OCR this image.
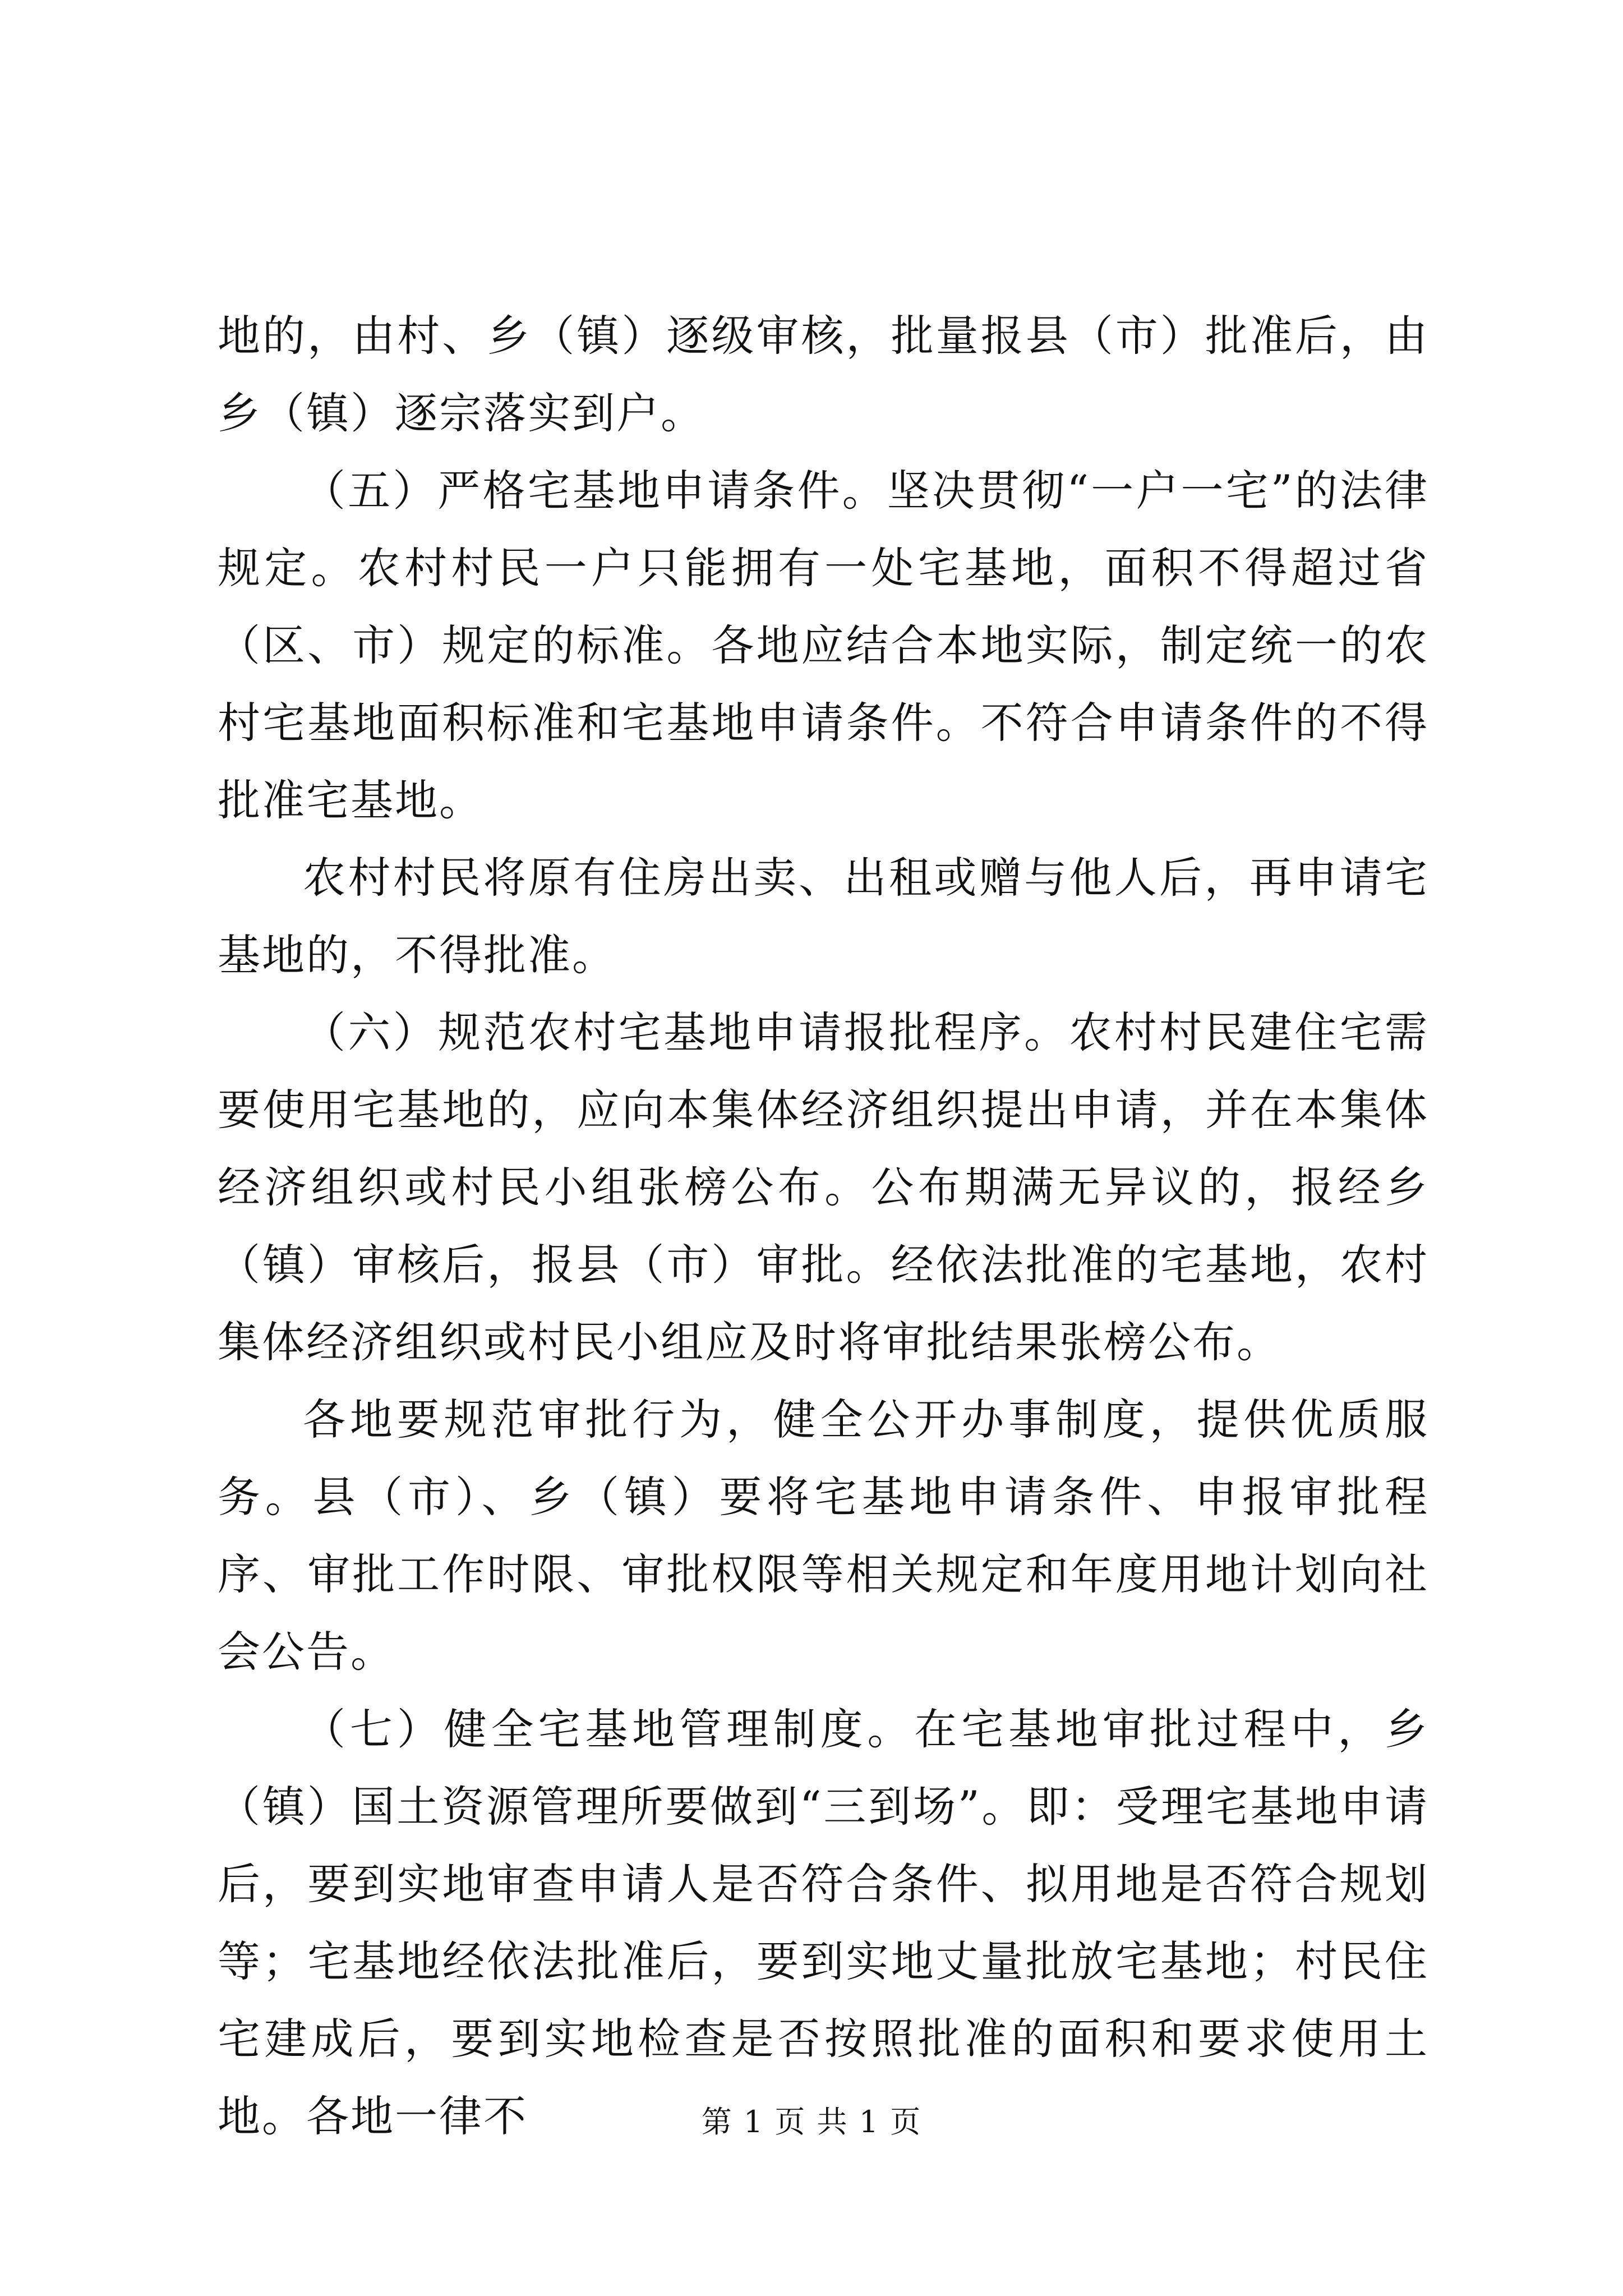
地的，由村、乡（镇）逐级审核，批量报县（市）批准后，由乡（镇）逐宗落实到户。

（五）严格宅基地申请条件。坚决贯彻“一户一宅”的法律规定。农村村民一户只能拥有一处宅基地，面积不得超过省（区、市）规定的标准。各地应结合本地实际，制定统一的农村宅基地面积标准和宅基地申请条件。不符合申请条件的不得批准宅基地。

农村村民将原有住房出卖、出租或赠与他人后，再申请宅基地的，不得批准。

（六）规范农村宅基地申请报批程序。农村村民建住宅需要使用宅基地的，应向本集体经济组织提出申请，并在本集体经济组织或村民小组张榜公布。公布期满无异议的，报经乡（镇）审核后，报县（市）审批。经依法批准的宅基地，农村集体经济组织或村民小组应及时将审批结果张榜公布。

各地要规范审批行为，健全公开办事制度，提供优质服务。县（市）、乡（镇）要将宅基地申请条件、申报审批程序、审批工作时限、审批权限等相关规定和年度用地计划向社会公告。

（七）健全宅基地管理制度。在宅基地审批过程中，乡（镇）国土资源管理所要做到“三到场”。即：受理宅基地申请后，要到实地审查申请人是否符合条件、拟用地是否符合规划等；宅基地经依法批准后，要到实地丈量批放宅基地；村民住宅建成后，要到实地检查是否按照批准的面积和要求使用土地。各地一律不	第 1 页 共 1 页
